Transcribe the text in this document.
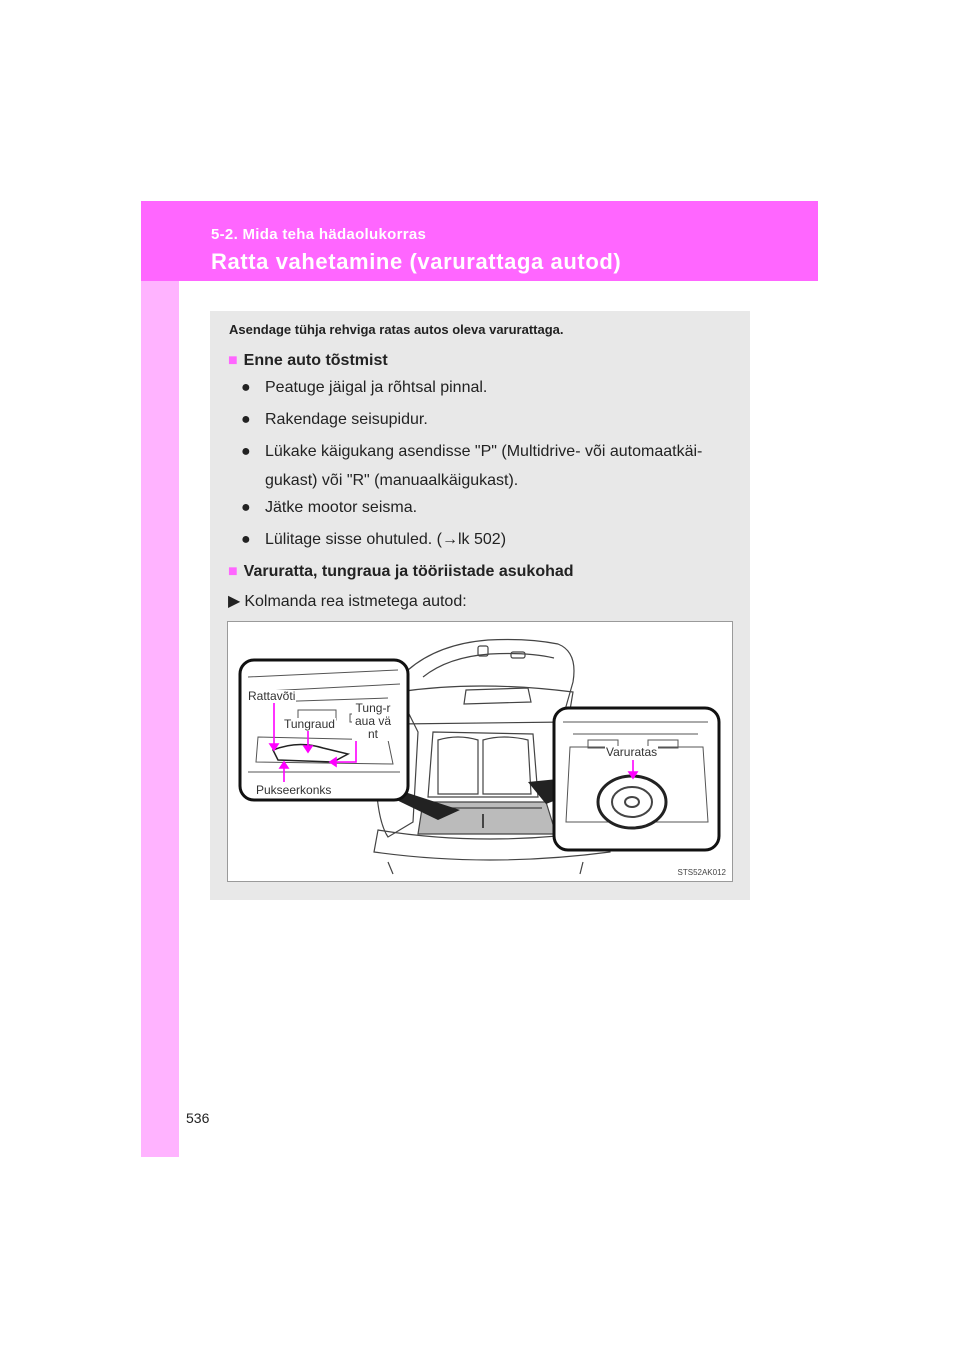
5-2. Mida teha hädaolukorras
Ratta vahetamine (varurattaga autod)
Asendage tühja rehviga ratas autos oleva varurattaga.
■ Enne auto tõstmist
● Peatuge jäigal ja rõhtsal pinnal.
● Rakendage seisupidur.
● Lükake käigukang asendisse "P" (Multidrive- või automaatkäi-gukast) või "R" (manuaalkäigukast).
● Jätke mootor seisma.
● Lülitage sisse ohutuled. (→lk 502)
■ Varuratta, tungraua ja tööriistade asukohad
▶ Kolmanda rea istmetega autod:
Rattavõti
Tungraud
Tung-raua vänt
Pukseerkonks
Varuratas
STS52AK012
536
